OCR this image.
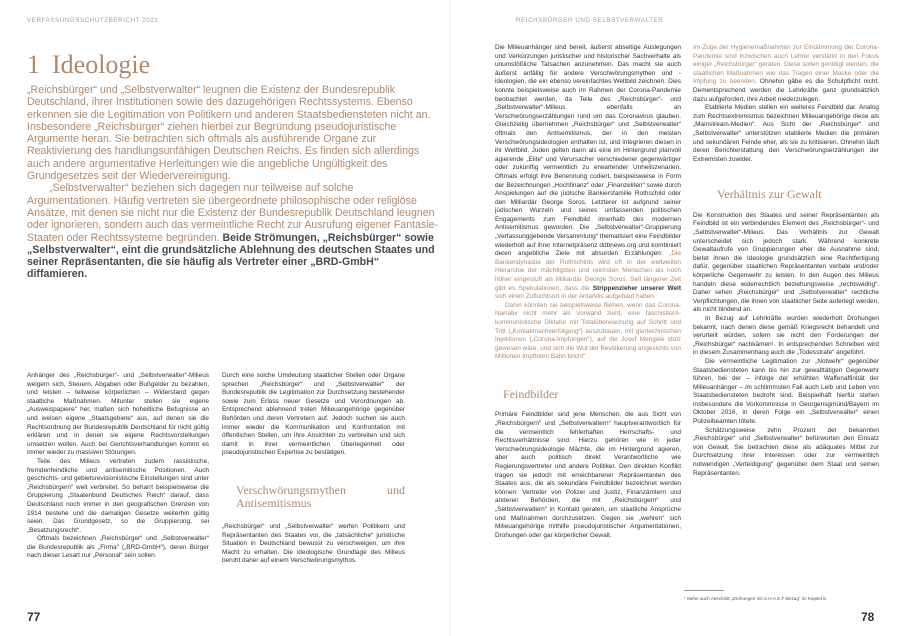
VERFASSUNGSSCHUTZBERICHT 2021
1 Ideologie

„Reichsbürger“ und „Selbstverwalter“ leugnen die Existenz der Bundesrepublik Deutschland, ihrer Institutionen sowie des dazugehörigen Rechtssystems. Ebenso erkennen sie die Legitimation von Politikern und anderen Staatsbediensteten nicht an. Insbesondere „Reichsbürger“ ziehen hierbei zur Begründung pseudojuristische Argumente heran. Sie betrachten sich oftmals als ausführende Organe zur Reaktivierung des handlungsunfähigen Deutschen Reichs. Es finden sich allerdings auch andere argumentative Herleitungen wie die angebliche Ungültigkeit des Grundgesetzes seit der Wiedervereinigung.

„Selbstverwalter“ beziehen sich dagegen nur teilweise auf solche Argumentationen. Häufig vertreten sie übergeordnete philosophische oder religiöse Ansätze, mit denen sie nicht nur die Existenz der Bundesrepublik Deutschland leugnen oder ignorieren, sondern auch das vermeintliche Recht zur Ausrufung eigener Fantasie-Staaten oder Rechtssysteme begründen. Beide Strömungen, „Reichsbürger“ sowie „Selbstverwalter“, eint die grundsätzliche Ablehnung des deutschen Staates und seiner Repräsentanten, die sie häufig als Vertreter einer „BRD-GmbH“ diffamieren.

Anhänger des „Reichsbürger“- und „Selbstverwalter“-Milieus weigern sich, Steuern, Abgaben oder Bußgelder zu bezahlen, und leisten – teilweise körperlichen – Widerstand gegen staatliche Maßnahmen. Mitunter stellen sie eigene „Ausweispapiere“ her, maßen sich hoheitliche Befugnisse an und weisen eigene „Staatsgebiete“ aus, auf denen sie die Rechtsordnung der Bundesrepublik Deutschland für nicht gültig erklären und in denen sie eigene Rechtsvorstellungen umsetzen wollen. Auch bei Gerichtsverhandlungen kommt es immer wieder zu massiven Störungen.

Teile des Milieus vertreten zudem rassistische, fremdenfeindliche und antisemitische Positionen. Auch geschichts- und gebietsrevisionistische Einstellungen sind unter „Reichsbürgern“ weit verbreitet. So beharrt beispielsweise die Gruppierung „Staatenbund Deutsches Reich“ darauf, dass Deutschland noch immer in den geografischen Grenzen von 1914 bestehe und die damaligen Gesetze weiterhin gültig seien. Das Grundgesetz, so die Gruppierung, sei „Besatzungsrecht“.

Oftmals bezeichnen „Reichsbürger“ und „Selbstverwalter“ die Bundesrepublik als „Firma“ („BRD-GmbH“), deren Bürger nach dieser Lesart nur „Personal“ sein sollen.

Durch eine solche Umdeutung staatlicher Stellen oder Organe sprechen „Reichsbürger“ und „Selbstverwalter“ der Bundesrepublik die Legitimation zur Durchsetzung bestehender sowie zum Erlass neuer Gesetze und Verordnungen ab. Entsprechend ablehnend treten Milieuangehörige gegenüber Behörden und deren Vertretern auf. Jedoch suchen sie auch immer wieder die Kommunikation und Konfrontation mit öffentlichen Stellen, um ihre Ansichten zu verbreiten und sich damit in ihrer vermeintlichen Überlegenheit oder pseudojuristischen Expertise zu bestätigen.

Verschwörungsmythen und Antisemitismus

„Reichsbürger“ und „Selbstverwalter“ werfen Politikern und Repräsentanten des Staates vor, die „tatsächliche“ juristische Situation in Deutschland bewusst zu verschweigen, um ihre Macht zu erhalten. Die ideologische Grundlage des Milieus beruht daher auf einem Verschwörungsmythos.

77
REICHSBÜRGER UND SELBSTVERWALTER

Die Milieuanhänger sind bereit, äußerst abseitige Auslegungen und Verkürzungen juristischer und historischer Sachverhalte als unumstößliche Tatsachen anzunehmen. Das macht sie auch äußerst anfällig für andere Verschwörungsmythen und -ideologien, die ein ebenso vereinfachtes Weltbild zeichnen. Dies konnte beispielsweise auch im Rahmen der Corona-Pandemie beobachtet werden, da Teile des „Reichsbürger“- und „Selbstverwalter“-Milieus ebenfalls an Verschwörungserzählungen rund um das Coronavirus glauben. Gleichzeitig übernehmen „Reichsbürger“ und „Selbstverwalter“ oftmals den Antisemitismus, der in den meisten Verschwörungsideologien enthalten ist, und integrieren diesen in ihr Weltbild. Juden gelten dann als eine im Hintergrund planvoll agierende „Elite“ und Verursacher verschiedener gegenwärtiger oder zukünftig vermeintlich zu erwartender Unheilszenarien. Oftmals erfolgt ihre Benennung codiert, beispielsweise in Form der Bezeichnungen „Hochfinanz“ oder „Finanzeliten“ sowie durch Anspielungen auf die jüdische Bankiersfamilie Rothschild oder den Milliardär George Soros. Letzterer ist aufgrund seiner jüdischen Wurzeln und seines umfassenden politischen Engagements zum Feindbild innerhalb des modernen Antisemitismus geworden. Die „Selbstverwalter“-Gruppierung „Verfassunggebende Versammlung“ thematisiert eine Feindbilder wiederholt auf ihrer Internetpräsenz ddbnews.org und kombiniert deren angebliche Ziele mit absurden Erzählungen: „Die Bankendynastie der Rothschilds wird oft in der weltweiten Hierarchie der mächtigsten und reichsten Menschen als noch höher eingestuft als Milliardär George Soros. Seit längerer Zeit gibt es Spekulationen, dass die Strippenzieher unserer Welt sich einen Zufluchtsort in der Antarktis aufgebaut haben.

Dahin könnten sie beispielsweise fliehen, wenn das Corona-Narrativ nicht mehr als Vorwand zieht, eine faschistisch-kommunistische Diktatur mit Totalüberwachung auf Schritt und Tritt („Kontaktnachverfolgung“) auszubauen, mit gentechnischen Injektionen („Corona-Impfungen“), auf die Josef Mengele stolz gewesen wäre, und sich die Wut der Bevölkerung angesichts von Millionen Impftoten Bahn bricht“

Feindbilder

Primäre Feindbilder sind jene Menschen, die aus Sicht von „Reichsbürgern“ und „Selbstverwaltern“ hauptverantwortlich für die vermeintlich fehlerhaften Herrschafts- und Rechtsverhältnisse sind. Hierzu gehören wie in jeder Verschwörungsideologie Mächte, die im Hintergrund agieren, aber auch politisch direkt Verantwortliche wie Regierungsvertreter und andere Politiker. Den direkten Konflikt tragen sie jedoch mit erreichbareren Repräsentanten des Staates aus, die als sekundäre Feindbilder bezeichnet werden können: Vertreter von Polizei und Justiz, Finanzämtern und anderen Behörden, die mit „Reichsbürgern“ und „Selbstverwaltern“ in Kontakt geraten, um staatliche Ansprüche und Maßnahmen durchzusetzen. Gegen sie „wehren“ sich Milieuangehörige mithilfe pseudojuristischer Argumentationen, Drohungen oder gar körperlicher Gewalt.

Im Zuge der Hygienemaßnahmen zur Eindämmung der Corona-Pandemie sind inzwischen auch Lehrer verstärkt in den Fokus einiger „Reichsbürger“ geraten. Diese sollen genötigt werden, die staatlichen Maßnahmen wie das Tragen einer Maske oder die Impfung zu beenden. Ohnehin gäbe es die Schulpflicht nicht. Dementsprechend werden die Lehrkräfte ganz grundsätzlich dazu aufgefordert, ihre Arbeit niederzulegen.

Etablierte Medien stellen ein weiteres Feindbild dar. Analog zum Rechtsextremismus bezeichnen Milieuangehörige diese als „Mainstream-Medien“. Aus Sicht der „Reichsbürger“ und „Selbstverwalter“ unterstützen etablierte Medien die primären und sekundären Feinde eher, als sie zu kritisieren. Ohnehin läuft deren Berichterstattung den Verschwörungserzählungen der Extremisten zuwider.

Verhältnis zur Gewalt

Die Konstruktion des Staates und seiner Repräsentanten als Feindbild ist ein verbindendes Element des „Reichsbürger“- und „Selbstverwalter“-Milieus. Das Verhältnis zur Gewalt unterscheidet sich jedoch stark. Während konkrete Gewaltaufrufe von Gruppierungen eher die Ausnahme sind, bietet ihnen die Ideologie grundsätzlich eine Rechtfertigung dafür, gegenüber staatlichen Repräsentanten verbale und/oder körperliche Gegenwehr zu leisten. In den Augen des Milieus handeln diese widerrechtlich beziehungsweise „rechtswidrig“. Daher sehen „Reichsbürger“ und „Selbstverwalter“ rechtliche Verpflichtungen, die ihnen von staatlicher Seite auferlegt werden, als nicht bindend an.

In Bezug auf Lehrkräfte wurden wiederholt Drohungen bekannt, nach denen diese gemäß Kriegsrecht behandelt und verurteilt würden, sofern sie nicht den Forderungen der „Reichsbürger“ nachkämen¹. In entsprechenden Schreiben wird in diesem Zusammenhang auch die „Todesstrafe“ angeführt.

Die vermeintliche Legitimation zur „Notwehr“ gegenüber Staatsbediensteten kann bis hin zur gewalttätigen Gegenwehr führen, bei der – infolge der erhöhten Waffenaffinität der Milieuanhänger – im schlimmsten Fall auch Leib und Leben von Staatsbediensteten bedroht sind. Beispielhaft hierfür stehen insbesondere die Vorkommnisse in Georgensgmünd/Bayern im Oktober 2016, in deren Folge ein „Selbstverwalter“ einen Polizeibeamten tötete.

Schätzungsweise zehn Prozent der bekannten „Reichsbürger“ und „Selbstverwalter“ befürworten den Einsatz von Gewalt. Sie betrachten diese als adäquates Mittel zur Durchsetzung ihrer Interessen oder zur vermeintlich notwendigen „Verteidigung“ gegenüber dem Staat und seinen Repräsentanten.

¹ Siehe auch Abschnitt „Drohungen mit S.H.A.E.F-Bezug“ im Kapitel 5.
78
